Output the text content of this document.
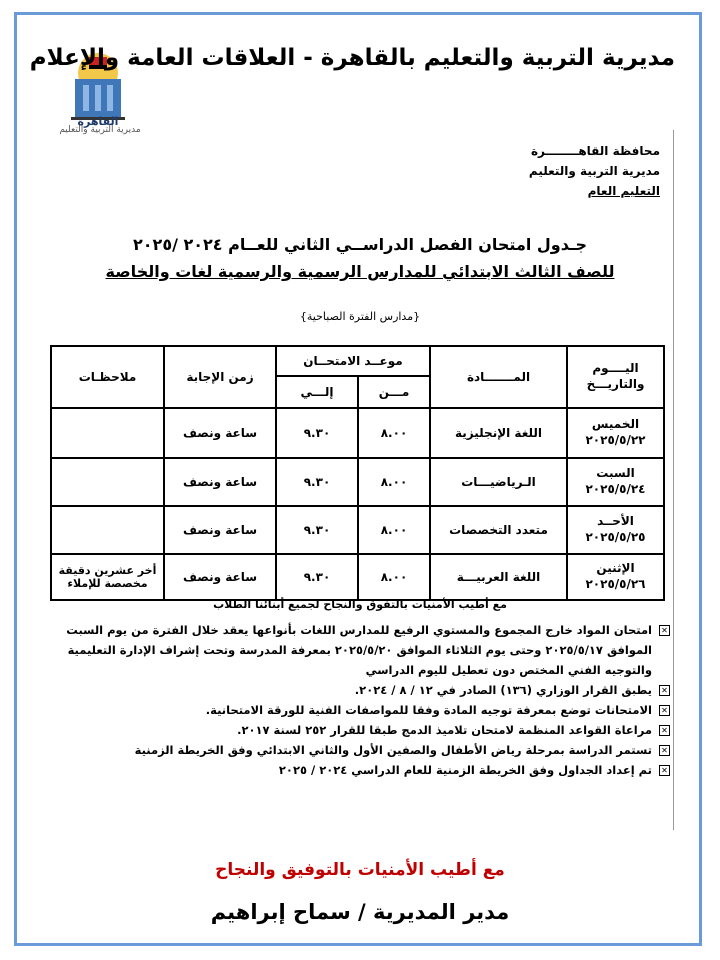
القاهرة
مديرية التربية والتعليم
مديرية التربية والتعليم بالقاهرة - العلاقات العامة والإعلام
محافظة القاهــــــــرة
مديرية التربية والتعليم
التعليم العام
جـدول امتحان الفصل الدراســي الثاني للعــام ٢٠٢٤ /٢٠٢٥
للصف الثالث الابتدائي للمدارس الرسمية والرسمية لغات والخاصة
{مدارس الفترة الصباحية}
اليــــوم والتاريـــخ	المـــــــادة	موعــد الامتحــان		زمن الإجابة	ملاحظـات
		مـــن	إلـــي		

الخميس
٢٠٢٥/٥/٢٢	اللغة الإنجليزية	٨.٠٠	٩.٣٠	ساعة ونصف	

السبت
٢٠٢٥/٥/٢٤	الـرياضيـــات	٨.٠٠	٩.٣٠	ساعة ونصف	

الأحــد
٢٠٢٥/٥/٢٥	متعدد التخصصات	٨.٠٠	٩.٣٠	ساعة ونصف	

الإثنين
٢٠٢٥/٥/٢٦	اللغة العربيـــة	٨.٠٠	٩.٣٠	ساعة ونصف	أخر عشرين دقيقة مخصصة للإملاء
مع أطيب الأمنيات بالتفوق والنجاح لجميع أبنائنا الطلاب
✕
امتحان المواد خارج المجموع والمستوي الرفيع للمدارس اللغات بأنواعها يعقد خلال الفترة من يوم السبت الموافق ٢٠٢٥/٥/١٧ وحتى يوم الثلاثاء الموافق ٢٠٢٥/٥/٢٠ بمعرفة المدرسة وتحت إشراف الإدارة التعليمية والتوجيه الفني المختص دون تعطيل لليوم الدراسي
✕
يطبق القرار الوزاري (١٣٦) الصادر في ١٢ / ٨ / ٢٠٢٤.
✕
الامتحانات توضع بمعرفة توجيه المادة وفقا للمواصفات الفنية للورقة الامتحانية.
✕
مراعاة القواعد المنظمة لامتحان تلاميذ الدمج طبقا للقرار ٢٥٢ لسنة ٢٠١٧.
✕
تستمر الدراسة بمرحلة رياض الأطفال والصفين الأول والثاني الابتدائي وفق الخريطة الزمنية
✕
تم إعداد الجداول وفق الخريطة الزمنية للعام الدراسي ٢٠٢٤ / ٢٠٢٥
مع أطيب الأمنيات بالتوفيق والنجاح
مدير المديرية / سماح إبراهيم
